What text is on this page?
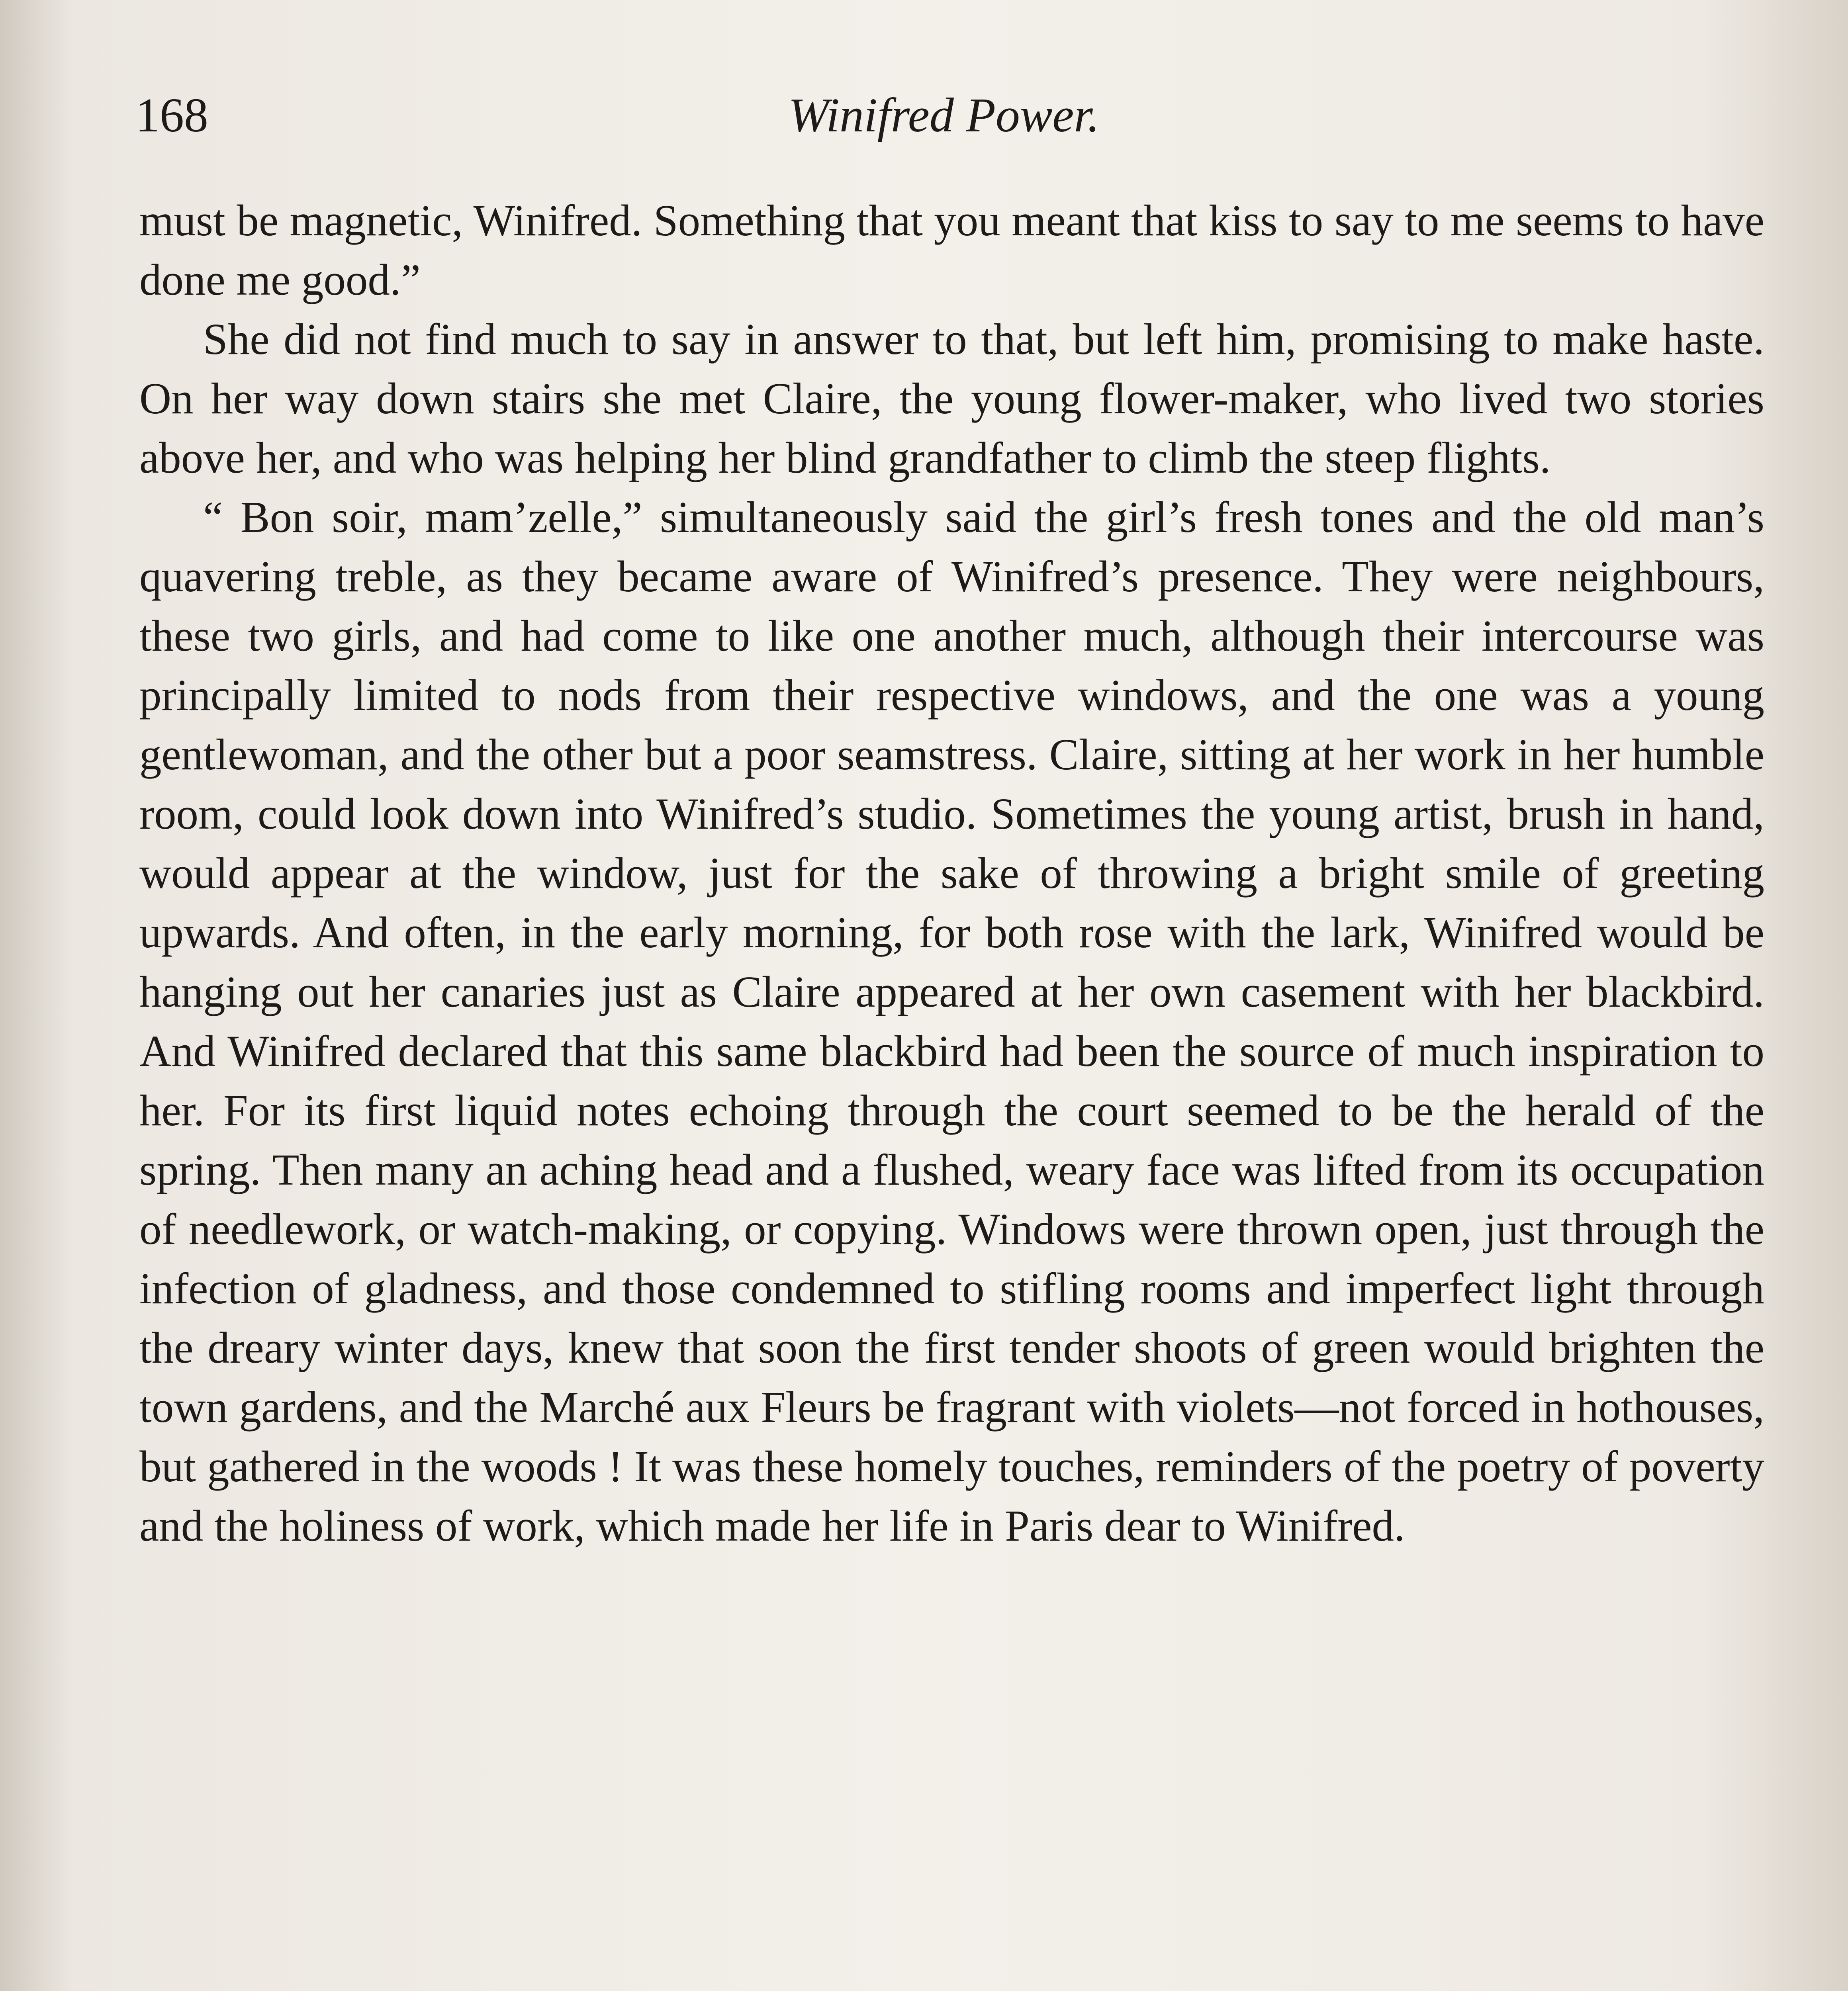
168	Winifred Power.

must be magnetic, Winifred. Something that you meant that kiss to say to me seems to have done me good.”

She did not find much to say in answer to that, but left him, promising to make haste. On her way down stairs she met Claire, the young flower-maker, who lived two stories above her, and who was helping her blind grandfather to climb the steep flights.

“ Bon soir, mam’zelle,” simultaneously said the girl’s fresh tones and the old man’s quavering treble, as they became aware of Winifred’s presence. They were neighbours, these two girls, and had come to like one another much, although their intercourse was principally limited to nods from their respective windows, and the one was a young gentlewoman, and the other but a poor seamstress. Claire, sitting at her work in her humble room, could look down into Winifred’s studio. Sometimes the young artist, brush in hand, would appear at the window, just for the sake of throwing a bright smile of greeting upwards. And often, in the early morning, for both rose with the lark, Winifred would be hanging out her canaries just as Claire appeared at her own casement with her blackbird. And Winifred declared that this same blackbird had been the source of much inspiration to her. For its first liquid notes echoing through the court seemed to be the herald of the spring. Then many an aching head and a flushed, weary face was lifted from its occupation of needlework, or watch-making, or copying. Windows were thrown open, just through the infection of gladness, and those condemned to stifling rooms and imperfect light through the dreary winter days, knew that soon the first tender shoots of green would brighten the town gardens, and the Marché aux Fleurs be fragrant with violets—not forced in hothouses, but gathered in the woods ! It was these homely touches, reminders of the poetry of poverty and the holiness of work, which made her life in Paris dear to Winifred.
